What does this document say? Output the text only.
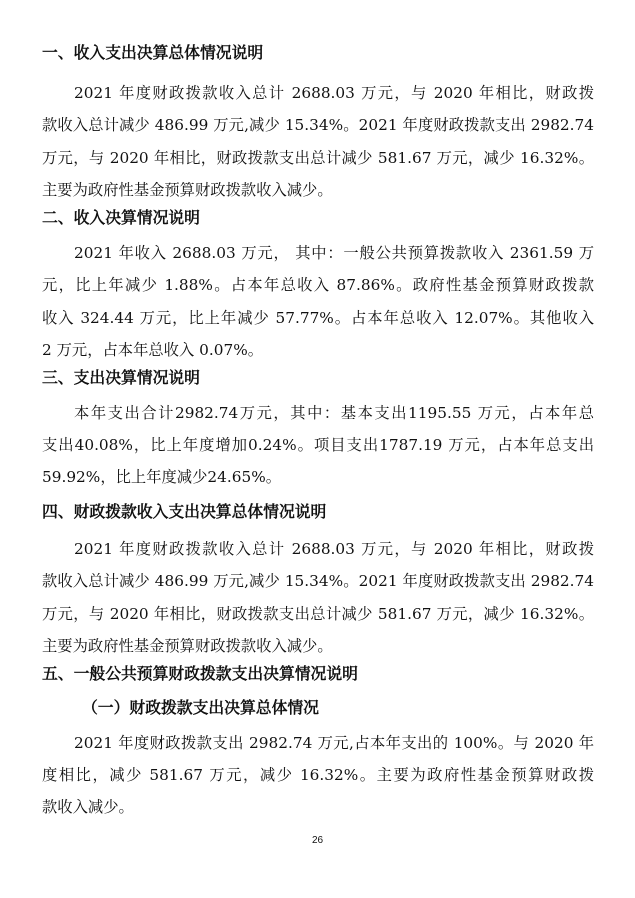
一、收入支出决算总体情况说明
2021 年度财政拨款收入总计 2688.03 万元，与 2020 年相比，财政拨
款收入总计减少 486.99 万元,减少 15.34%。2021 年度财政拨款支出 2982.74
万元，与 2020 年相比，财政拨款支出总计减少 581.67 万元，减少 16.32%。
主要为政府性基金预算财政拨款收入减少。
二、收入决算情况说明
2021 年收入 2688.03 万元， 其中：一般公共预算拨款收入 2361.59 万
元，比上年减少 1.88%。占本年总收入 87.86%。政府性基金预算财政拨款
收入 324.44 万元，比上年减少 57.77%。占本年总收入 12.07%。其他收入
2 万元，占本年总收入 0.07%。
三、支出决算情况说明
本年支出合计2982.74万元，其中：基本支出1195.55 万元，占本年总
支出40.08%，比上年度增加0.24%。项目支出1787.19 万元，占本年总支出
59.92%，比上年度减少24.65%。
四、财政拨款收入支出决算总体情况说明
2021 年度财政拨款收入总计 2688.03 万元，与 2020 年相比，财政拨
款收入总计减少 486.99 万元,减少 15.34%。2021 年度财政拨款支出 2982.74
万元，与 2020 年相比，财政拨款支出总计减少 581.67 万元，减少 16.32%。
主要为政府性基金预算财政拨款收入减少。
五、一般公共预算财政拨款支出决算情况说明
（一）财政拨款支出决算总体情况
2021 年度财政拨款支出 2982.74 万元,占本年支出的 100%。与 2020 年
度相比，减少 581.67 万元，减少 16.32%。主要为政府性基金预算财政拨
款收入减少。
26
